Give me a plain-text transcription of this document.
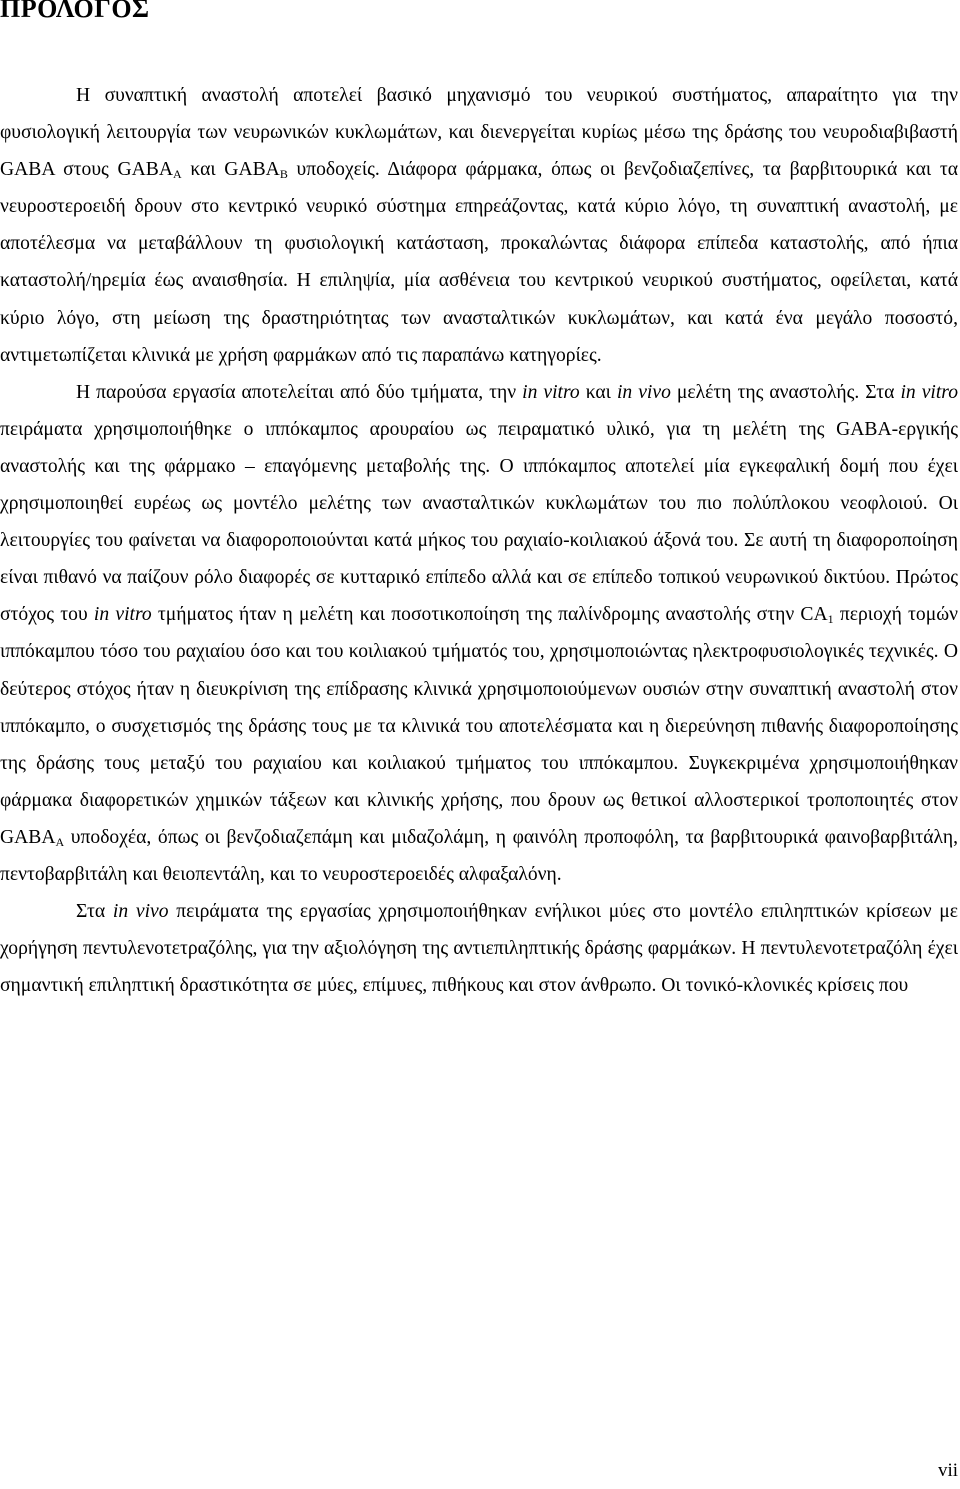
ΠΡΟΛΟΓΟΣ

Η συναπτική αναστολή αποτελεί βασικό μηχανισμό του νευρικού συστήματος, απαραίτητο για την φυσιολογική λειτουργία των νευρωνικών κυκλωμάτων, και διενεργείται κυρίως μέσω της δράσης του νευροδιαβιβαστή GABA στους $GABA_A$ και $GABA_B$ υποδοχείς. Διάφορα φάρμακα, όπως οι βενζοδιαζεπίνες, τα βαρβιτουρικά και τα νευροστεροειδή δρουν στο κεντρικό νευρικό σύστημα επηρεάζοντας, κατά κύριο λόγο, τη συναπτική αναστολή, με αποτέλεσμα να μεταβάλλουν τη φυσιολογική κατάσταση, προκαλώντας διάφορα επίπεδα καταστολής, από ήπια καταστολή/ηρεμία έως αναισθησία. Η επιληψία, μία ασθένεια του κεντρικού νευρικού συστήματος, οφείλεται, κατά κύριο λόγο, στη μείωση της δραστηριότητας των ανασταλτικών κυκλωμάτων, και κατά ένα μεγάλο ποσοστό, αντιμετωπίζεται κλινικά με χρήση φαρμάκων από τις παραπάνω κατηγορίες.

Η παρούσα εργασία αποτελείται από δύο τμήματα, την in vitro και in vivo μελέτη της αναστολής. Στα in vitro πειράματα χρησιμοποιήθηκε ο ιππόκαμπος αρουραίου ως πειραματικό υλικό, για τη μελέτη της GABA-εργικής αναστολής και της φάρμακο – επαγόμενης μεταβολής της. Ο ιππόκαμπος αποτελεί μία εγκεφαλική δομή που έχει χρησιμοποιηθεί ευρέως ως μοντέλο μελέτης των ανασταλτικών κυκλωμάτων του πιο πολύπλοκου νεοφλοιού. Οι λειτουργίες του φαίνεται να διαφοροποιούνται κατά μήκος του ραχιαίο-κοιλιακού άξονά του. Σε αυτή τη διαφοροποίηση είναι πιθανό να παίζουν ρόλο διαφορές σε κυτταρικό επίπεδο αλλά και σε επίπεδο τοπικού νευρωνικού δικτύου. Πρώτος στόχος του in vitro τμήματος ήταν η μελέτη και ποσοτικοποίηση της παλίνδρομης αναστολής στην $CA_1$ περιοχή τομών ιππόκαμπου τόσο του ραχιαίου όσο και του κοιλιακού τμήματός του, χρησιμοποιώντας ηλεκτροφυσιολογικές τεχνικές. Ο δεύτερος στόχος ήταν η διευκρίνιση της επίδρασης κλινικά χρησιμοποιούμενων ουσιών στην συναπτική αναστολή στον ιππόκαμπο, ο συσχετισμός της δράσης τους με τα κλινικά του αποτελέσματα και η διερεύνηση πιθανής διαφοροποίησης της δράσης τους μεταξύ του ραχιαίου και κοιλιακού τμήματος του ιππόκαμπου. Συγκεκριμένα χρησιμοποιήθηκαν φάρμακα διαφορετικών χημικών τάξεων και κλινικής χρήσης, που δρουν ως θετικοί αλλοστερικοί τροποποιητές στον $GABA_A$ υποδοχέα, όπως οι βενζοδιαζεπάμη και μιδαζολάμη, η φαινόλη προποφόλη, τα βαρβιτουρικά φαινοβαρβιτάλη, πεντοβαρβιτάλη και θειοπεντάλη, και το νευροστεροειδές αλφαξαλόνη.

Στα in vivo πειράματα της εργασίας χρησιμοποιήθηκαν ενήλικοι μύες στο μοντέλο επιληπτικών κρίσεων με χορήγηση πεντυλενοτετραζόλης, για την αξιολόγηση της αντιεπιληπτικής δράσης φαρμάκων. Η πεντυλενοτετραζόλη έχει σημαντική επιληπτική δραστικότητα σε μύες, επίμυες, πιθήκους και στον άνθρωπο. Οι τονικό-κλονικές κρίσεις που

vii
